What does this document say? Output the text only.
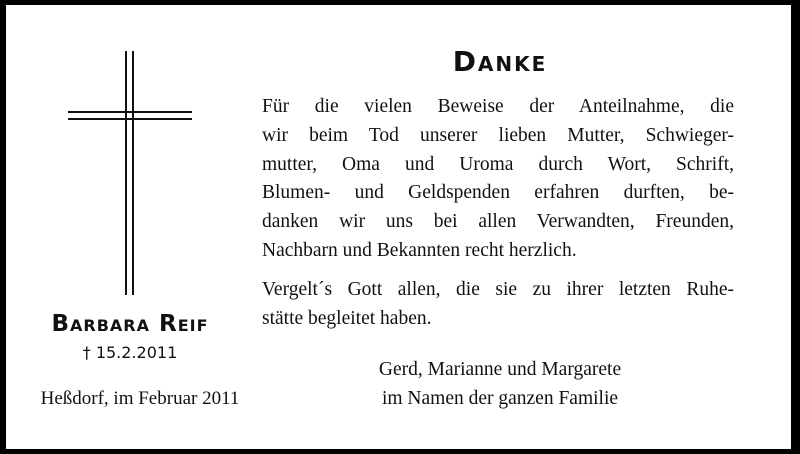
Barbara Reif
† 15.2.2011
Heßdorf, im Februar 2011
Danke
Für die vielen Beweise der Anteilnahme, die
wir beim Tod unserer lieben Mutter, Schwieger-
mutter, Oma und Uroma durch Wort, Schrift,
Blumen- und Geldspenden erfahren durften, be-
danken wir uns bei allen Verwandten, Freunden,
Nachbarn und Bekannten recht herzlich.
Vergelt´s Gott allen, die sie zu ihrer letzten Ruhe-
stätte begleitet haben.
Gerd, Marianne und Margarete
im Namen der ganzen Familie
